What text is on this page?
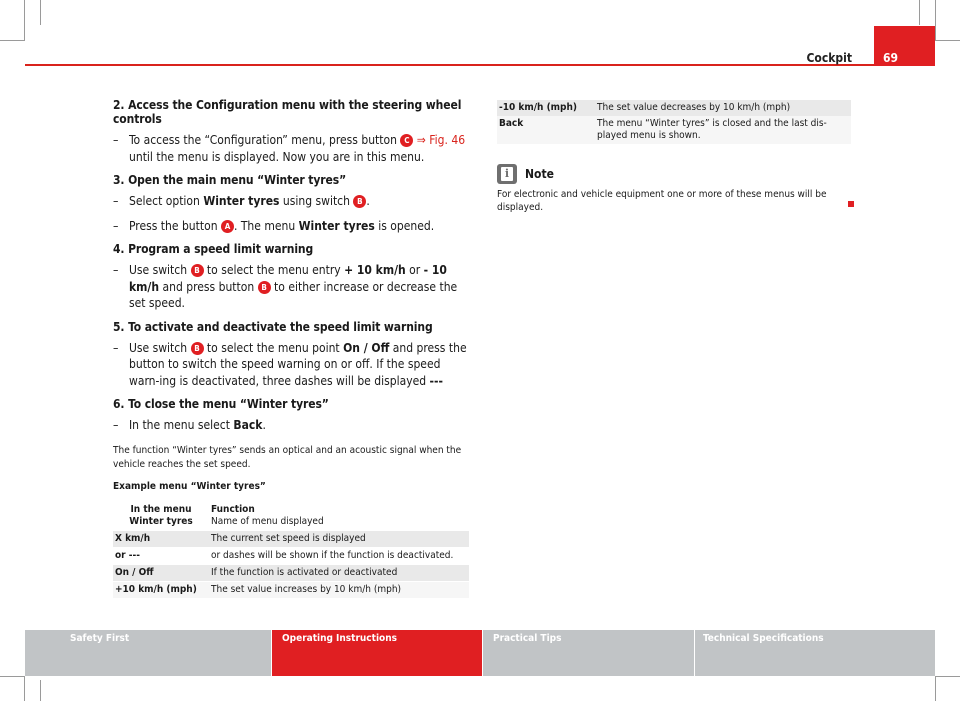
Cockpit	69
2. Access the Configuration menu with the steering wheel controls
– To access the “Configuration” menu, press button C ⇒ Fig. 46 until the menu is displayed. Now you are in this menu.
3. Open the main menu “Winter tyres”
– Select option Winter tyres using switch B .
– Press the button A . The menu Winter tyres is opened.
4. Program a speed limit warning
– Use switch B to select the menu entry + 10 km/h or - 10 km/h and press button B to either increase or decrease the set speed.
5. To activate and deactivate the speed limit warning
– Use switch B to select the menu point On / Off and press the button to switch the speed warning on or off. If the speed warn-ing is deactivated, three dashes will be displayed ---
6. To close the menu “Winter tyres”
– In the menu select Back.

The function “Winter tyres” sends an optical and an acoustic signal when the vehicle reaches the set speed.

Example menu “Winter tyres”

In the menu Winter tyres	Function
Name of menu displayed
X km/h	The current set speed is displayed
or ---	or dashes will be shown if the function is deactivated.
On / Off	If the function is activated or deactivated
+10 km/h (mph)	The set value increases by 10 km/h (mph)
-10 km/h (mph)	The set value decreases by 10 km/h (mph)
Back	The menu “Winter tyres” is closed and the last dis-played menu is shown.
i
Note

For electronic and vehicle equipment one or more of these menus will be displayed.

Safety First	Operating Instructions	Practical Tips	Technical Specifications
